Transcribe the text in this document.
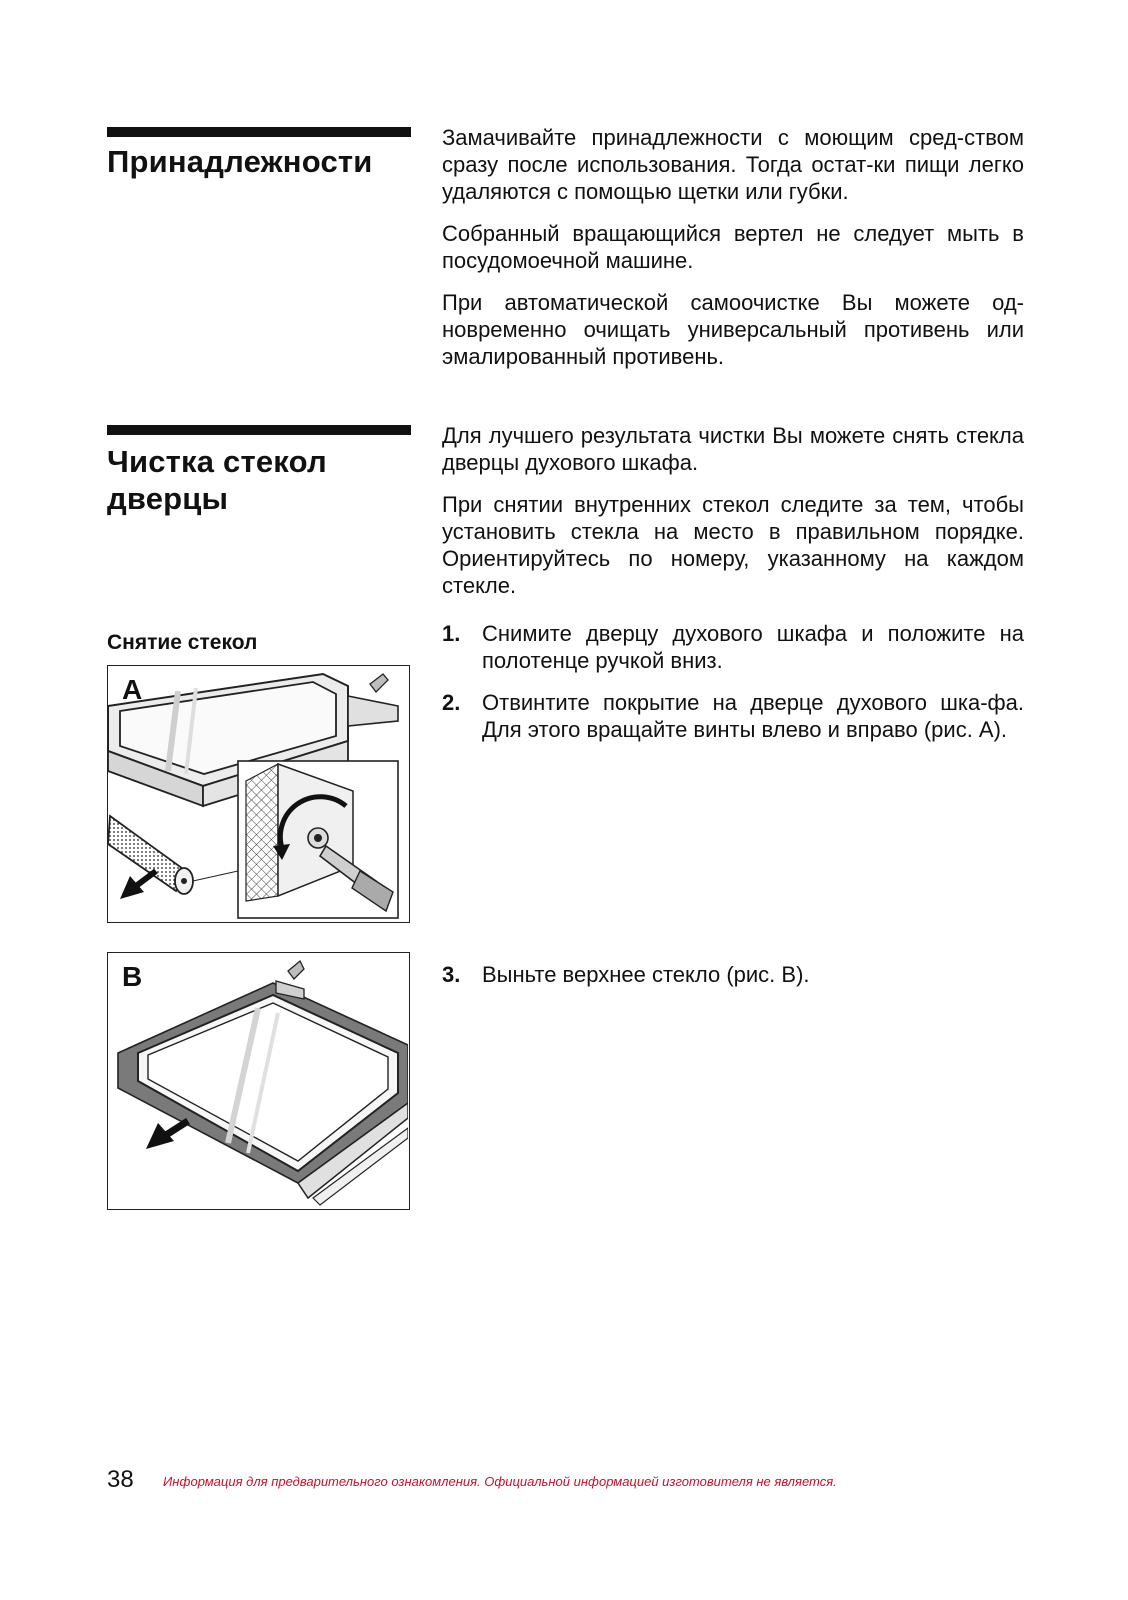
Принадлежности

Замачивайте принадлежности с моющим сред-ством сразу после использования. Тогда остат-ки пищи легко удаляются с помощью щетки или губки.

Собранный вращающийся вертел не следует мыть в посудомоечной машине.

При автоматической самоочистке Вы можете од-новременно очищать универсальный противень или эмалированный противень.

Чистка стекол
дверцы

Для лучшего результата чистки Вы можете снять стекла дверцы духового шкафа.

При снятии внутренних стекол следите за тем, чтобы установить стекла на место в правильном порядке. Ориентируйтесь по номеру, указанному на каждом стекле.

Снятие стекол	1. Снимите дверцу духового шкафа и положите на полотенце ручкой вниз.
2. Отвинтите покрытие на дверце духового шка-фа. Для этого вращайте винты влево и вправо (рис. A).
3. Выньте верхнее стекло (рис. B).
A
B
38 Информация для предварительного ознакомления. Официальной информацией изготовителя не является.
